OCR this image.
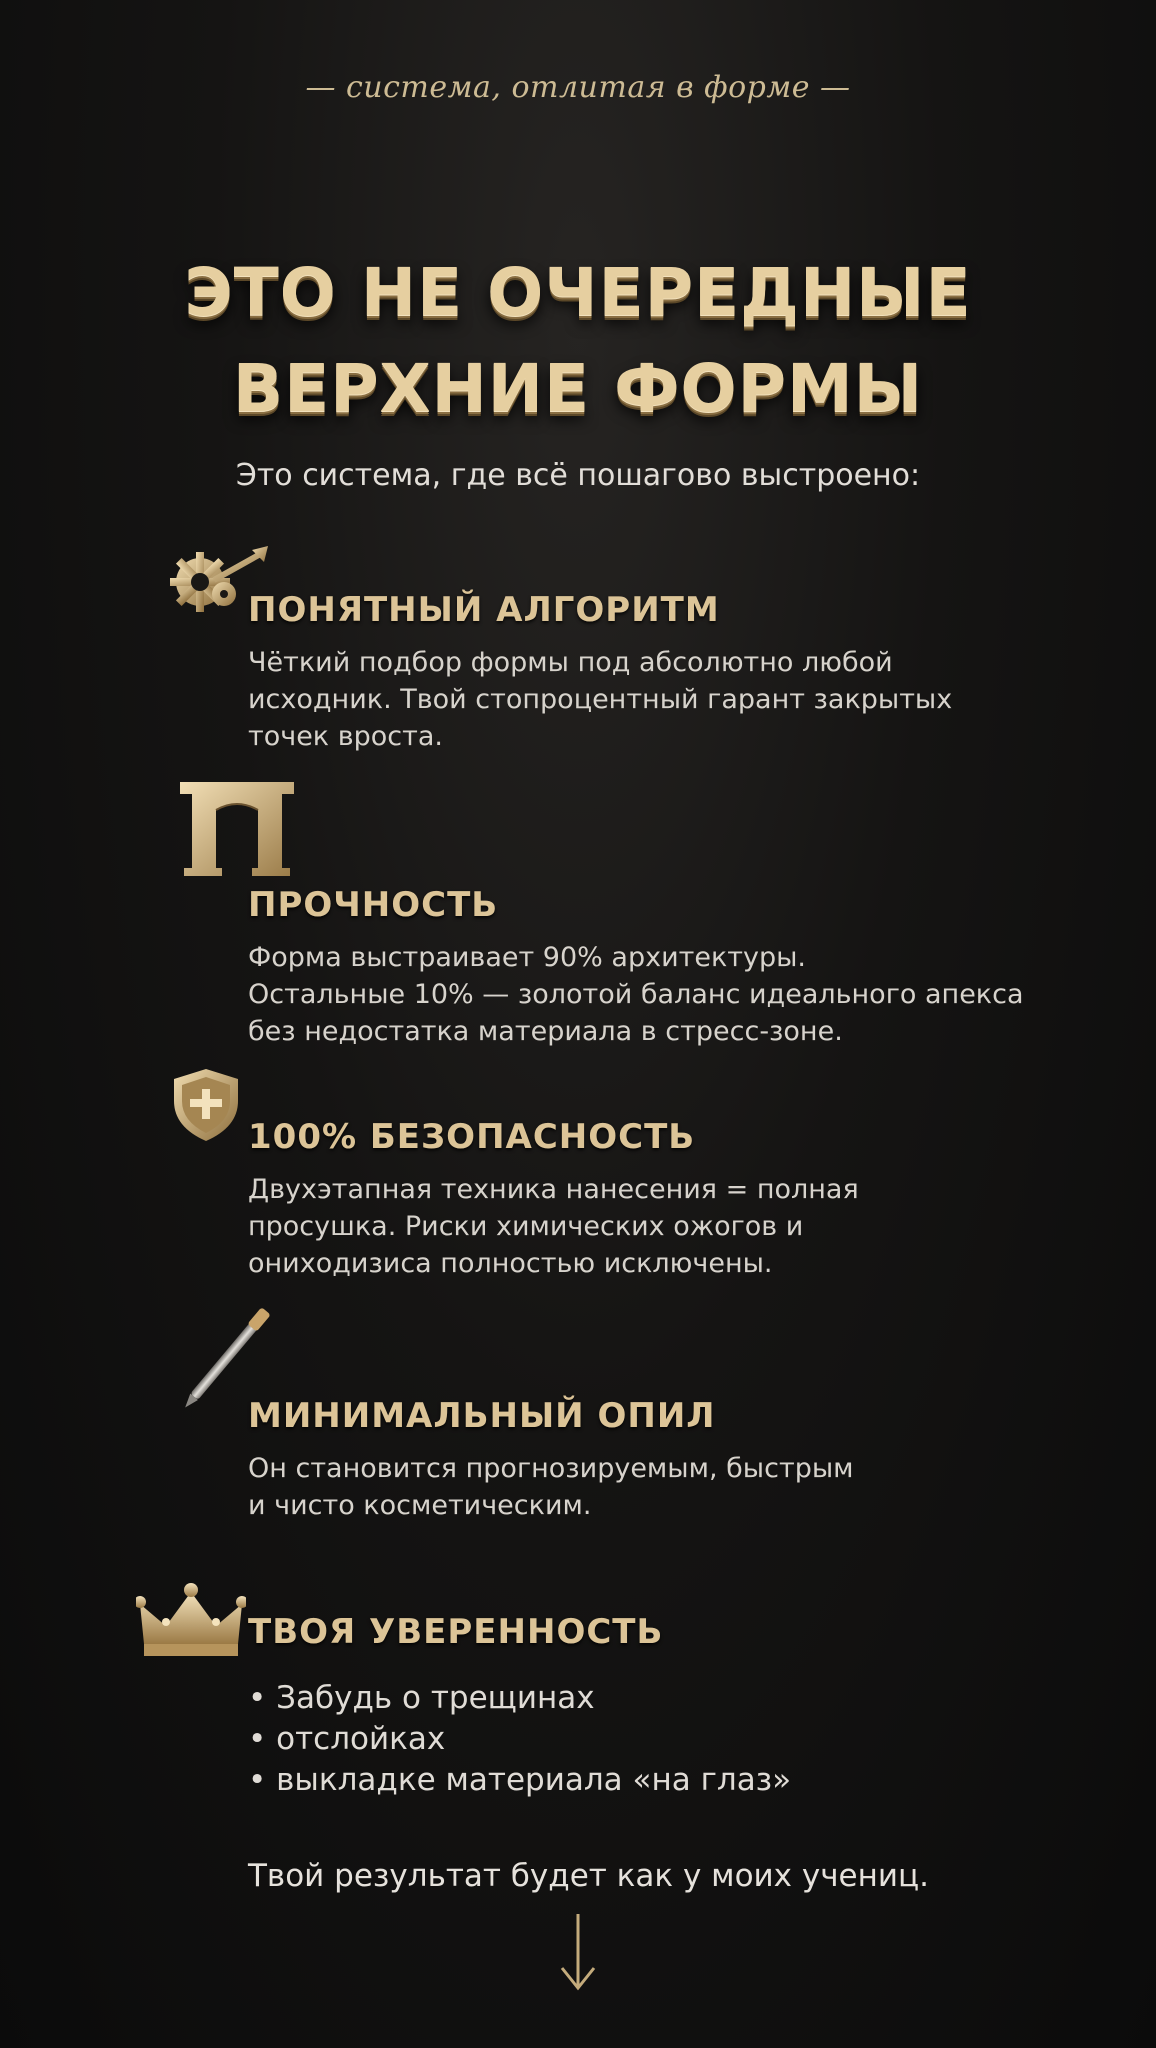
— система, отлитая в форме —
ЭТО НЕ ОЧЕРЕДНЫЕ
ВЕРХНИЕ ФОРМЫ
Это система, где всё пошагово выстроено:
ПОНЯТНЫЙ АЛГОРИТМ
Чёткий подбор формы под абсолютно любой
исходник. Твой стопроцентный гарант закрытых
точек вроста.
ПРОЧНОСТЬ
Форма выстраивает 90% архитектуры.
Остальные 10% — золотой баланс идеального апекса
без недостатка материала в стресс-зоне.
100% БЕЗОПАСНОСТЬ
Двухэтапная техника нанесения = полная
просушка. Риски химических ожогов и
ониходизиса полностью исключены.
МИНИМАЛЬНЫЙ ОПИЛ
Он становится прогнозируемым, быстрым
и чисто косметическим.
ТВОЯ УВЕРЕННОСТЬ
• Забудь о трещинах
• отслойках
• выкладке материала «на глаз»
Твой результат будет как у моих учениц.
